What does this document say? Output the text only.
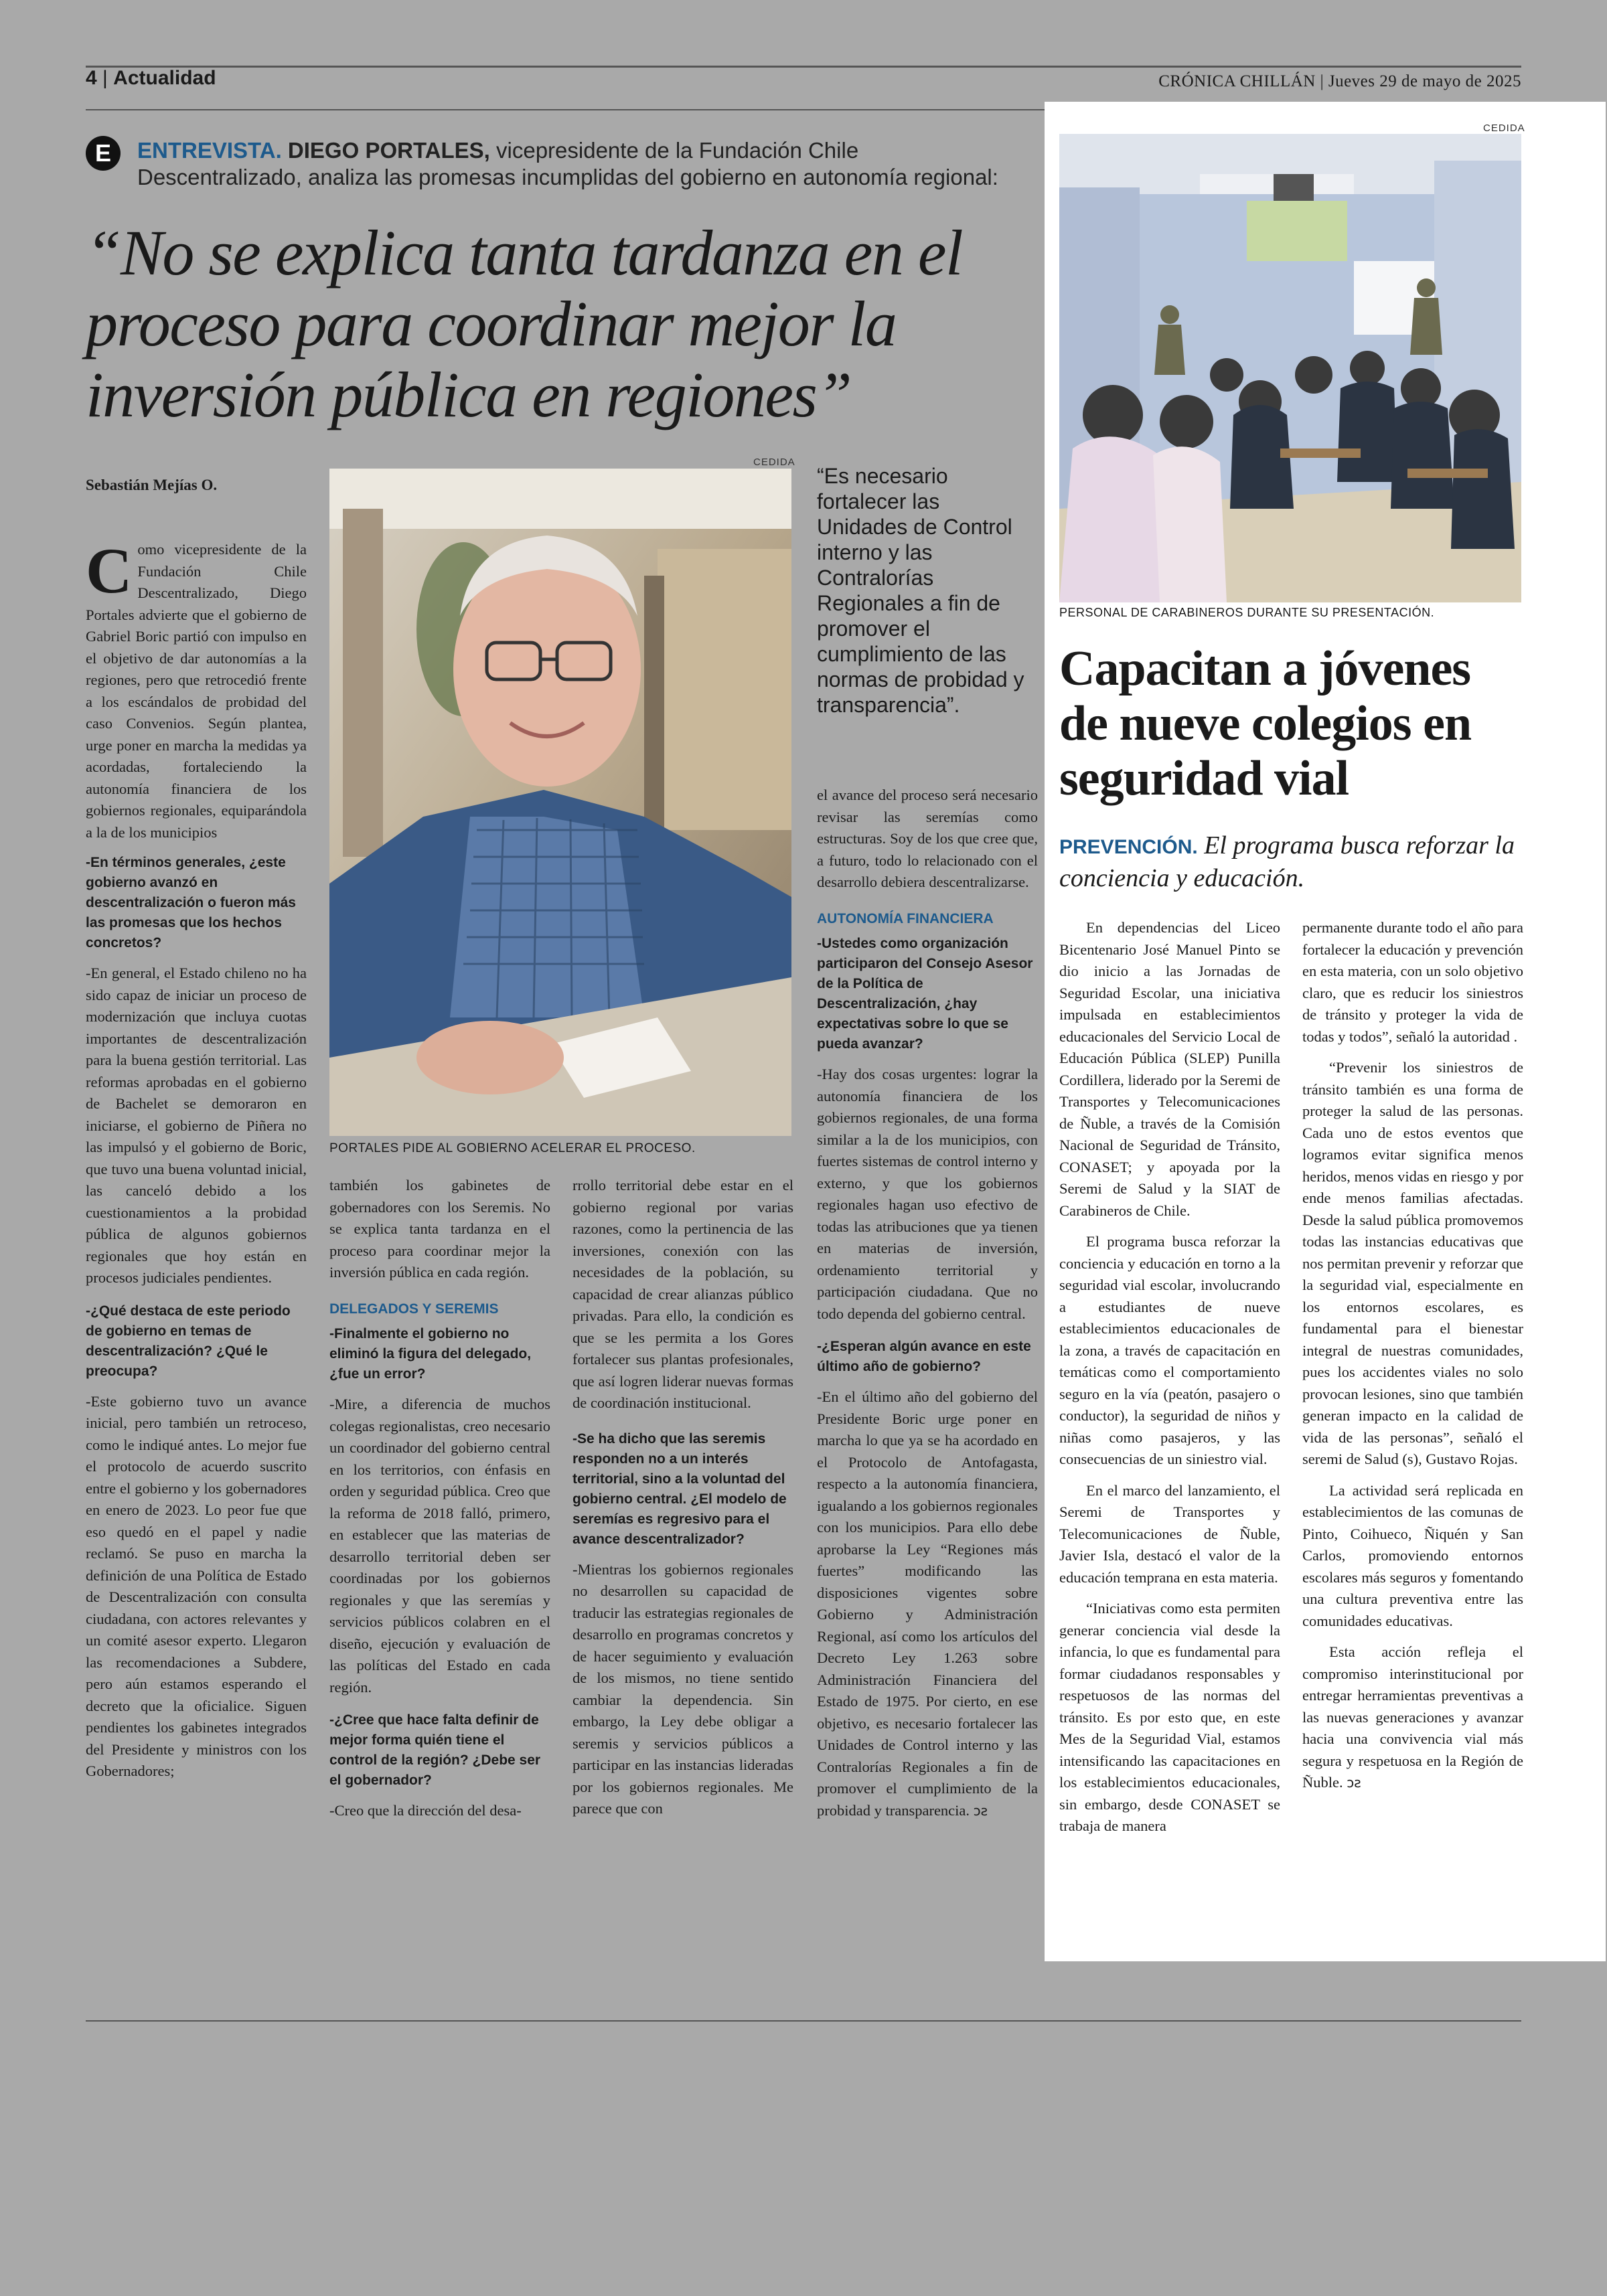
4 | Actualidad	CRÓNICA CHILLÁN | Jueves 29 de mayo de 2025
E	ENTREVISTA. DIEGO PORTALES, vicepresidente de la Fundación Chile Descentralizado, analiza las promesas incumplidas del gobierno en autonomía regional:
“No se explica tanta tardanza en el proceso para coordinar mejor la inversión pública en regiones”
Sebastián Mejías O.
CEDIDA
PORTALES PIDE AL GOBIERNO ACELERAR EL PROCESO.
“Es necesario fortalecer las Unidades de Control interno y las Contralorías Regionales a fin de promover el cumplimiento de las normas de probidad y transparencia”.

Como vicepresidente de la Fundación Chile Descentralizado, Diego Portales advierte que el gobierno de Gabriel Boric partió con impulso en el objetivo de dar autonomías a la regiones, pero que retrocedió frente a los escándalos de probidad del caso Convenios. Según plantea, urge poner en marcha la medidas ya acordadas, fortaleciendo la autonomía financiera de los gobiernos regionales, equiparándola a la de los municipios

-En términos generales, ¿este gobierno avanzó en descentralización o fueron más las promesas que los hechos concretos?

-En general, el Estado chileno no ha sido capaz de iniciar un proceso de modernización que incluya cuotas importantes de descentralización para la buena gestión territorial. Las reformas aprobadas en el gobierno de Bachelet se demoraron en iniciarse, el gobierno de Piñera no las impulsó y el gobierno de Boric, que tuvo una buena voluntad inicial, las canceló debido a los cuestionamientos a la probidad pública de algunos gobiernos regionales que hoy están en procesos judiciales pendientes.

-¿Qué destaca de este periodo de gobierno en temas de descentralización? ¿Qué le preocupa?

-Este gobierno tuvo un avance inicial, pero también un retroceso, como le indiqué antes. Lo mejor fue el protocolo de acuerdo suscrito entre el gobierno y los gobernadores en enero de 2023. Lo peor fue que eso quedó en el papel y nadie reclamó. Se puso en marcha la definición de una Política de Estado de Descentralización con consulta ciudadana, con actores relevantes y un comité asesor experto. Llegaron las recomendaciones a Subdere, pero aún estamos esperando el decreto que la oficialice. Siguen pendientes los gabinetes integrados del Presidente y ministros con los Gobernadores;

también los gabinetes de gobernadores con los Seremis. No se explica tanta tardanza en el proceso para coordinar mejor la inversión pública en cada región.

DELEGADOS Y SEREMIS

-Finalmente el gobierno no eliminó la figura del delegado, ¿fue un error?

-Mire, a diferencia de muchos colegas regionalistas, creo necesario un coordinador del gobierno central en los territorios, con énfasis en orden y seguridad pública. Creo que la reforma de 2018 falló, primero, en establecer que las materias de desarrollo territorial deben ser coordinadas por los gobiernos regionales y que las seremías y servicios públicos colabren en el diseño, ejecución y evaluación de las políticas del Estado en cada región.

-¿Cree que hace falta definir de mejor forma quién tiene el control de la región? ¿Debe ser el gobernador?

-Creo que la dirección del desa-

rrollo territorial debe estar en el gobierno regional por varias razones, como la pertinencia de las inversiones, conexión con las necesidades de la población, su capacidad de crear alianzas público privadas. Para ello, la condición es que se les permita a los Gores fortalecer sus plantas profesionales, que así logren liderar nuevas formas de coordinación institucional.

-Se ha dicho que las seremis responden no a un interés territorial, sino a la voluntad del gobierno central. ¿El modelo de seremías es regresivo para el avance descentralizador?

-Mientras los gobiernos regionales no desarrollen su capacidad de traducir las estrategias regionales de desarrollo en programas concretos y de hacer seguimiento y evaluación de los mismos, no tiene sentido cambiar la dependencia. Sin embargo, la Ley debe obligar a seremis y servicios públicos a participar en las instancias lideradas por los gobiernos regionales. Me parece que con

el avance del proceso será necesario revisar las seremías como estructuras. Soy de los que cree que, a futuro, todo lo relacionado con el desarrollo debiera descentralizarse.

AUTONOMÍA FINANCIERA

-Ustedes como organización participaron del Consejo Asesor de la Política de Descentralización, ¿hay expectativas sobre lo que se pueda avanzar?

-Hay dos cosas urgentes: lograr la autonomía financiera de los gobiernos regionales, de una forma similar a la de los municipios, con fuertes sistemas de control interno y externo, y que los gobiernos regionales hagan uso efectivo de todas las atribuciones que ya tienen en materias de inversión, ordenamiento territorial y participación ciudadana. Que no todo dependa del gobierno central.

-¿Esperan algún avance en este último año de gobierno?

-En el último año del gobierno del Presidente Boric urge poner en marcha lo que ya se ha acordado en el Protocolo de Antofagasta, respecto a la autonomía financiera, igualando a los gobiernos regionales con los municipios. Para ello debe aprobarse la Ley “Regiones más fuertes” modificando las disposiciones vigentes sobre Gobierno y Administración Regional, así como los artículos del Decreto Ley 1.263 sobre Administración Financiera del Estado de 1975. Por cierto, en ese objetivo, es necesario fortalecer las Unidades de Control interno y las Contralorías Regionales a fin de promover el cumplimiento de la probidad y transparencia. ↄƨ

CEDIDA
PERSONAL DE CARABINEROS DURANTE SU PRESENTACIÓN.
Capacitan a jóvenes de nueve colegios en seguridad vial
PREVENCIÓN. El programa busca reforzar la conciencia y educación.

En dependencias del Liceo Bicentenario José Manuel Pinto se dio inicio a las Jornadas de Seguridad Escolar, una iniciativa impulsada en establecimientos educacionales del Servicio Local de Educación Pública (SLEP) Punilla Cordillera, liderado por la Seremi de Transportes y Telecomunicaciones de Ñuble, a través de la Comisión Nacional de Seguridad de Tránsito, CONASET; y apoyada por la Seremi de Salud y la SIAT de Carabineros de Chile.

El programa busca reforzar la conciencia y educación en torno a la seguridad vial escolar, involucrando a estudiantes de nueve establecimientos educacionales de la zona, a través de capacitación en temáticas como el comportamiento seguro en la vía (peatón, pasajero o conductor), la seguridad de niños y niñas como pasajeros, y las consecuencias de un siniestro vial.

En el marco del lanzamiento, el Seremi de Transportes y Telecomunicaciones de Ñuble, Javier Isla, destacó el valor de la educación temprana en esta materia.

“Iniciativas como esta permiten generar conciencia vial desde la infancia, lo que es fundamental para formar ciudadanos responsables y respetuosos de las normas del tránsito. Es por esto que, en este Mes de la Seguridad Vial, estamos intensificando las capacitaciones en los establecimientos educacionales, sin embargo, desde CONASET se trabaja de manera

permanente durante todo el año para fortalecer la educación y prevención en esta materia, con un solo objetivo claro, que es reducir los siniestros de tránsito y proteger la vida de todas y todos”, señaló la autoridad .

“Prevenir los siniestros de tránsito también es una forma de proteger la salud de las personas. Cada uno de estos eventos que logramos evitar significa menos heridos, menos vidas en riesgo y por ende menos familias afectadas. Desde la salud pública promovemos todas las instancias educativas que nos permitan prevenir y reforzar que la seguridad vial, especialmente en los entornos escolares, es fundamental para el bienestar integral de nuestras comunidades, pues los accidentes viales no solo provocan lesiones, sino que también generan impacto en la calidad de vida de las personas”, señaló el seremi de Salud (s), Gustavo Rojas.

La actividad será replicada en establecimientos de las comunas de Pinto, Coihueco, Ñiquén y San Carlos, promoviendo entornos escolares más seguros y fomentando una cultura preventiva entre las comunidades educativas.

Esta acción refleja el compromiso interinstitucional por entregar herramientas preventivas a las nuevas generaciones y avanzar hacia una convivencia vial más segura y respetuosa en la Región de Ñuble. ↄƨ
